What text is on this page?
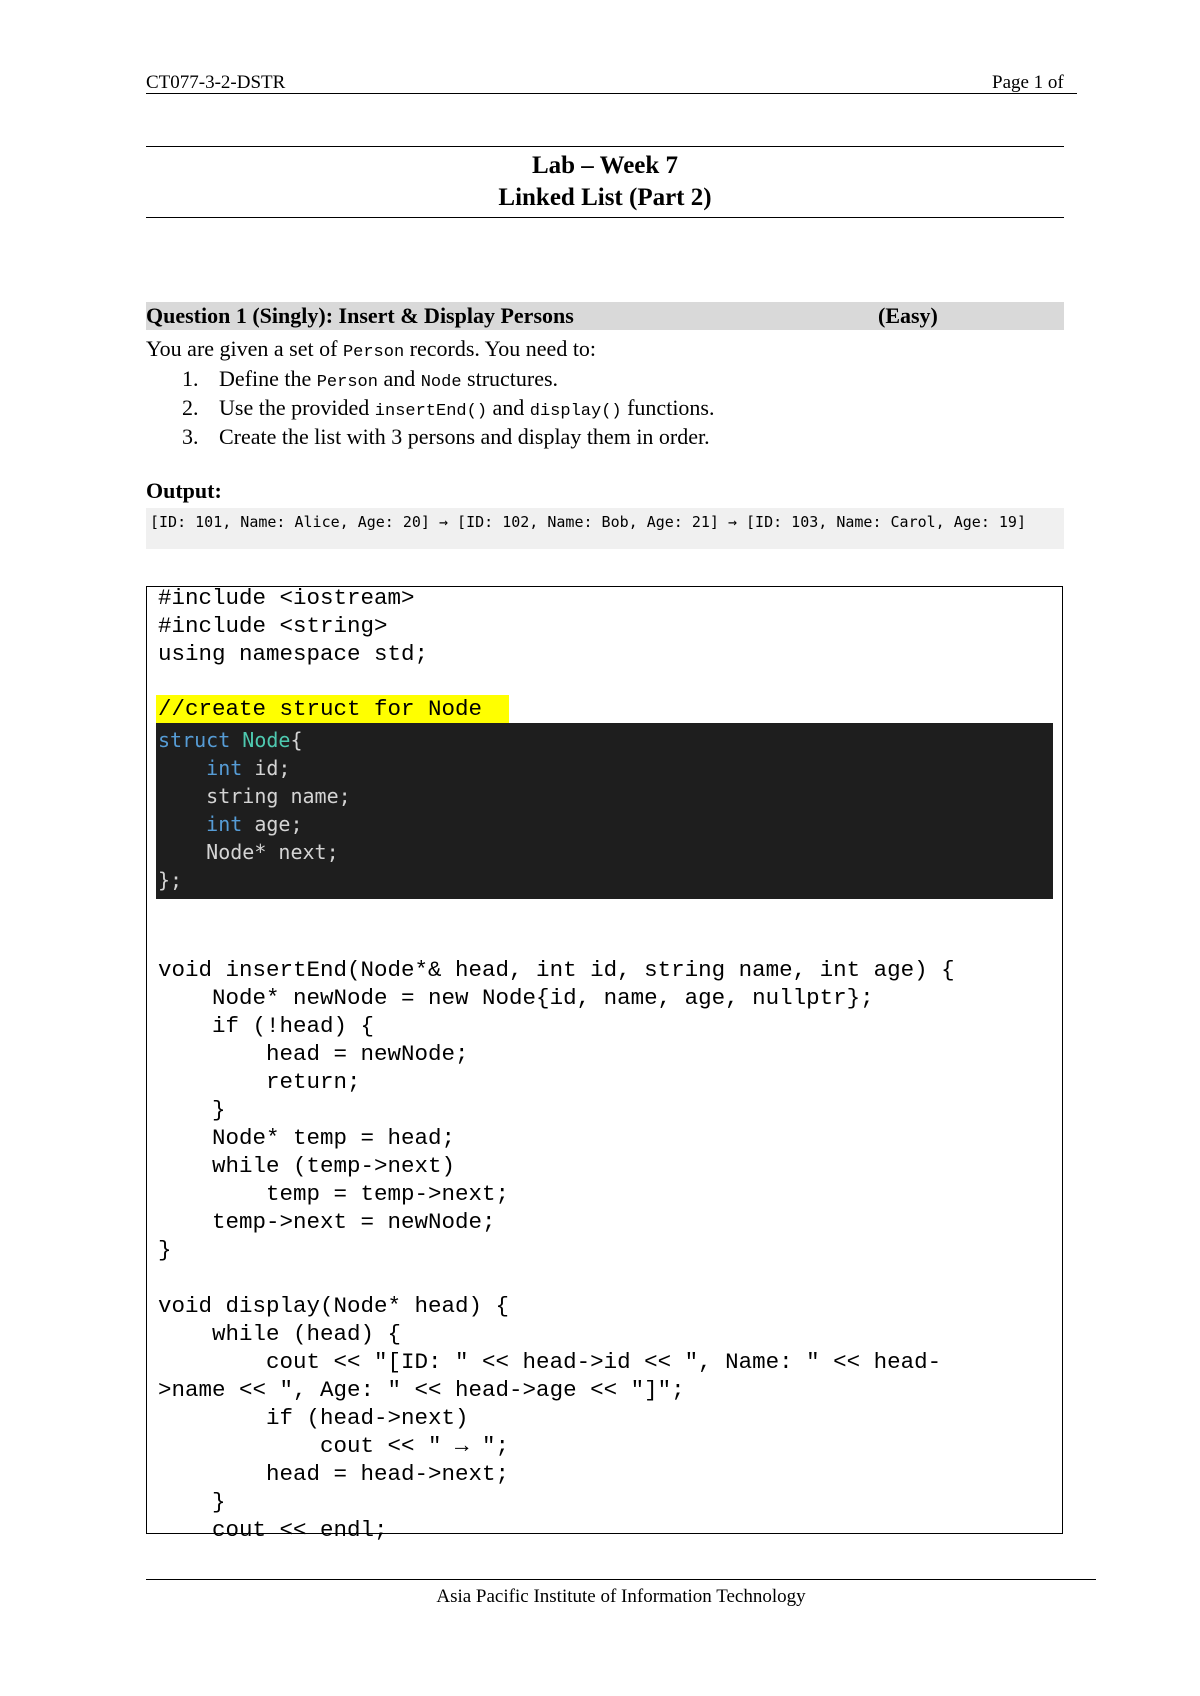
CT077-3-2-DSTR	Page 1 of
Lab – Week 7
Linked List (Part 2)
Question 1 (Singly): Insert & Display Persons	(Easy)
You are given a set of Person records. You need to:
1. Define the Person and Node structures.
2. Use the provided insertEnd() and display() functions.
3. Create the list with 3 persons and display them in order.
Output:
[ID: 101, Name: Alice, Age: 20] → [ID: 102, Name: Bob, Age: 21] → [ID: 103, Name: Carol, Age: 19]
#include <iostream>
#include <string>
using namespace std;
//create struct for Node
struct Node{
int id;
string name;
int age;
Node* next;
};
void insertEnd(Node*& head, int id, string name, int age) {
Node* newNode = new Node{id, name, age, nullptr};
if (!head) {
head = newNode;
return;
}
Node* temp = head;
while (temp->next)
temp = temp->next;
temp->next = newNode;
}
void display(Node* head) {
while (head) {
cout << "[ID: " << head->id << ", Name: " << head-
>name << ", Age: " << head->age << "]";
if (head->next)
cout << " → ";
head = head->next;
}
cout << endl;
Asia Pacific Institute of Information Technology
